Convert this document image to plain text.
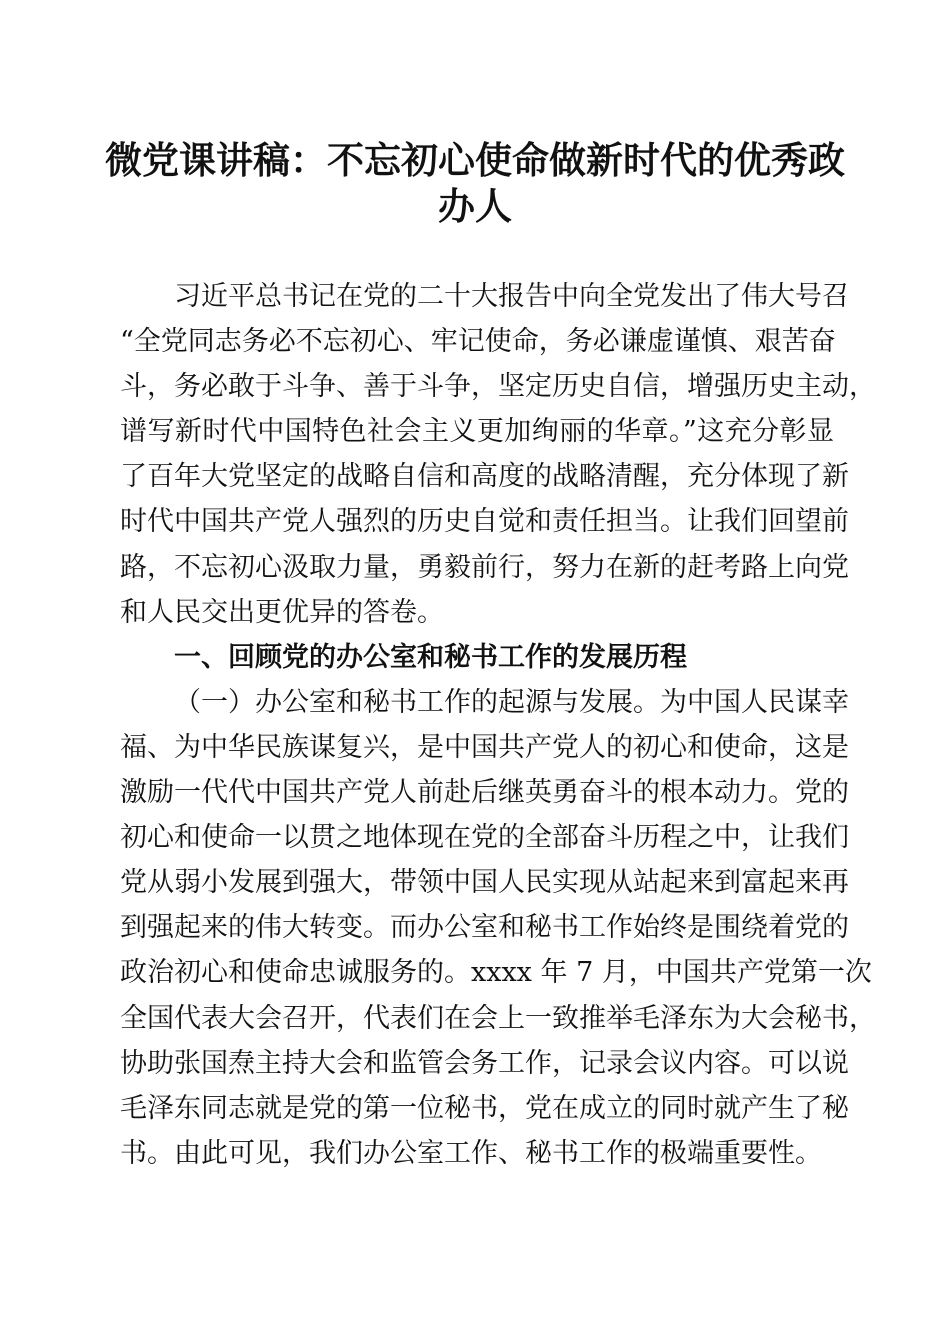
微党课讲稿：不忘初心使命做新时代的优秀政
办人
习近平总书记在党的二十大报告中向全党发出了伟大号召
“全党同志务必不忘初心、牢记使命，务必谦虚谨慎、艰苦奋
斗，务必敢于斗争、善于斗争，坚定历史自信，增强历史主动，
谱写新时代中国特色社会主义更加绚丽的华章。”这充分彰显
了百年大党坚定的战略自信和高度的战略清醒，充分体现了新
时代中国共产党人强烈的历史自觉和责任担当。让我们回望前
路，不忘初心汲取力量，勇毅前行，努力在新的赶考路上向党
和人民交出更优异的答卷。
一、回顾党的办公室和秘书工作的发展历程
（一）办公室和秘书工作的起源与发展。为中国人民谋幸
福、为中华民族谋复兴，是中国共产党人的初心和使命，这是
激励一代代中国共产党人前赴后继英勇奋斗的根本动力。党的
初心和使命一以贯之地体现在党的全部奋斗历程之中，让我们
党从弱小发展到强大，带领中国人民实现从站起来到富起来再
到强起来的伟大转变。而办公室和秘书工作始终是围绕着党的
政治初心和使命忠诚服务的。xxxx 年 7 月，中国共产党第一次
全国代表大会召开，代表们在会上一致推举毛泽东为大会秘书，
协助张国焘主持大会和监管会务工作，记录会议内容。可以说
毛泽东同志就是党的第一位秘书，党在成立的同时就产生了秘
书。由此可见，我们办公室工作、秘书工作的极端重要性。
